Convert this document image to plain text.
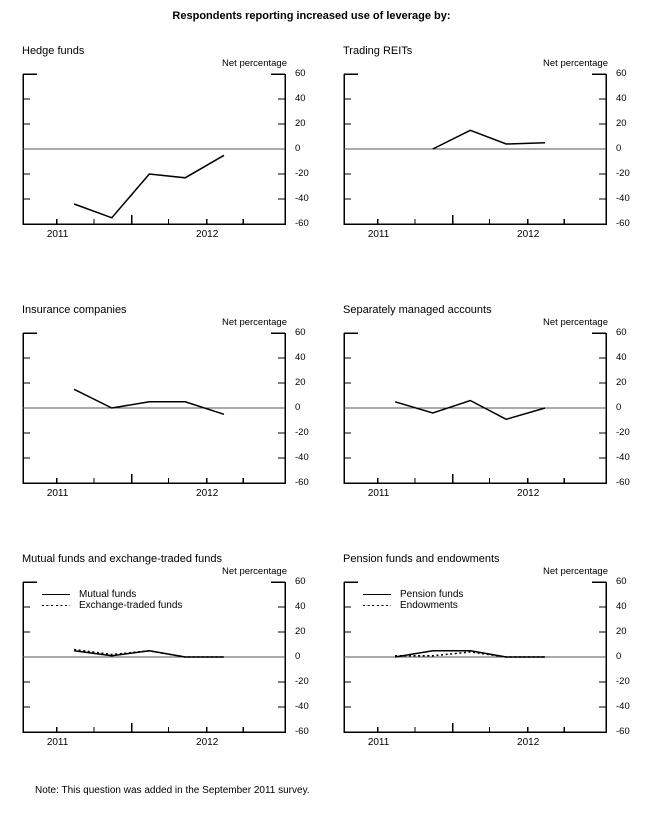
Respondents reporting increased use of leverage by:
Hedge funds
Net percentage
60
40
20
0
-20
-40
-60
2011	2012
Trading REITs
Net percentage
60
40
20
0
-20
-40
-60
2011	2012
Insurance companies
Net percentage
60
40
20
0
-20
-40
-60
2011	2012
Separately managed accounts
Net percentage
60
40
20
0
-20
-40
-60
2011	2012
Mutual funds and exchange-traded funds
Net percentage
60
40
20
0
-20
-40
-60
2011	2012
Mutual funds
Exchange-traded funds
Pension funds and endowments
Net percentage
60
40
20
0
-20
-40
-60
2011	2012
Pension funds
Endowments
Note: This question was added in the September 2011 survey.
